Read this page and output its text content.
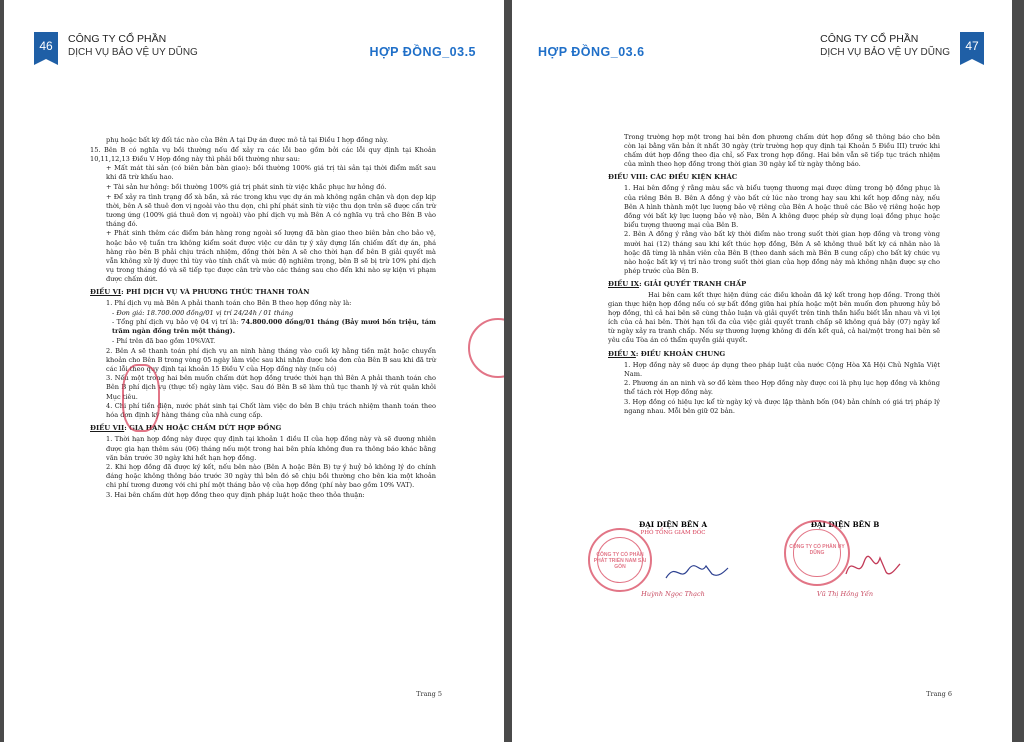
46	CÔNG TY CỔ PHẦN
DỊCH VỤ BẢO VỆ UY DŨNG	HỢP ĐỒNG_03.5

phụ hoặc bất kỳ đối tác nào của Bên A tại Dự án được mô tả tại Điều I hợp đồng này.

15. Bên B có nghĩa vụ bồi thường nếu để xảy ra các lỗi bao gồm bởi các lỗi quy định tại Khoản 10,11,12,13 Điều V Hợp đồng này thì phải bồi thường như sau:

+ Mất mát tài sản (có biên bản bàn giao): bồi thường 100% giá trị tài sản tại thời điểm mất sau khi đã trừ khấu hao.

+ Tài sản hư hỏng: bồi thường 100% giá trị phát sinh từ việc khắc phục hư hỏng đó.

+ Để xảy ra tình trạng đổ xà bần, xả rác trong khu vực dự án mà không ngăn chặn và dọn dẹp kịp thời, bên A sẽ thuê đơn vị ngoài vào thu dọn, chi phí phát sinh từ việc thu dọn trên sẽ được cấn trừ tương ứng (100% giá thuê đơn vị ngoài) vào phí dịch vụ mà Bên A có nghĩa vụ trả cho Bên B vào tháng đó.

+ Phát sinh thêm các điểm bán hàng rong ngoài số lượng đã bàn giao theo biên bản cho bảo vệ, hoặc bảo vệ tuần tra không kiểm soát được việc cư dân tự ý xây dựng lấn chiếm đất dự án, phá hàng rào bên B phải chịu trách nhiệm, đồng thời bên A sẽ cho thời hạn để bên B giải quyết mà vẫn không xử lý được thì tùy vào tính chất và mức độ nghiêm trọng, bên B sẽ bị trừ 10% phí dịch vụ trong tháng đó và sẽ tiếp tục được cân trừ vào các tháng sau cho đến khi nào sự kiện vi phạm được chấm dứt.

ĐIỀU VI: PHÍ DỊCH VỤ VÀ PHƯƠNG THỨC THANH TOÁN

1. Phí dịch vụ mà Bên A phải thanh toán cho Bên B theo hợp đồng này là:

- Đơn giá: 18.700.000 đồng/01 vị trí 24/24h / 01 tháng

- Tổng phí dịch vụ bảo vệ 04 vị trí là: 74.800.000 đồng/01 tháng (Bảy mươi bốn triệu, tám trăm ngàn đồng trên một tháng).

- Phí trên đã bao gồm 10%VAT.

2. Bên A sẽ thanh toán phí dịch vụ an ninh hàng tháng vào cuối kỳ hằng tiền mặt hoặc chuyển khoản cho Bên B trong vòng 05 ngày làm việc sau khi nhận được hóa đơn của Bên B sau khi đã trừ các lỗi theo quy định tại khoản 15 Điều V của Hợp đồng này (nếu có)

3. Nếu một trong hai bên muốn chấm dứt hợp đồng trước thời hạn thì Bên A phải thanh toán cho Bên B phí dịch vụ (thực tế) ngày làm việc. Sau đó Bên B sẽ làm thủ tục thanh lý và rút quân khỏi Mục tiêu.

4. Chi phí tiền điện, nước phát sinh tại Chốt làm việc do bên B chịu trách nhiệm thanh toán theo hóa đơn định kỳ hàng tháng của nhà cung cấp.

ĐIỀU VII: GIA HẠN HOẶC CHẤM DỨT HỢP ĐỒNG

1. Thời hạn hợp đồng này được quy định tại khoản 1 điều II của hợp đồng này và sẽ đương nhiên được gia hạn thêm sáu (06) tháng nếu một trong hai bên phía không đưa ra thông báo khác bằng văn bản trước 30 ngày khi hết hạn hợp đồng.

2. Khi hợp đồng đã được ký kết, nếu bên nào (Bên A hoặc Bên B) tự ý huỷ bỏ không lý do chính đáng hoặc không thông báo trước 30 ngày thì bên đó sẽ chịu bồi thường cho bên kia một khoản chi phí tương đương với chi phí một tháng bảo vệ của hợp đồng (phí này bao gồm 10% VAT).

3. Hai bên chấm dứt hợp đồng theo quy định pháp luật hoặc theo thỏa thuận:

Trang 5
HỢP ĐỒNG_03.6
CÔNG TY CỔ PHẦN
DỊCH VỤ BẢO VỆ UY DŨNG	47

Trong trường hợp một trong hai bên đơn phương chấm dứt hợp đồng sẽ thông báo cho bên còn lại bằng văn bản ít nhất 30 ngày (trừ trường hợp quy định tại Khoản 5 Điều III) trước khi chấm dứt hợp đồng theo địa chỉ, số Fax trong hợp đồng. Hai bên vẫn sẽ tiếp tục trách nhiệm của mình theo hợp đồng trong thời gian 30 ngày kể từ ngày thông báo.

ĐIỀU VIII: CÁC ĐIỀU KIỆN KHÁC

1. Hai bên đồng ý rằng màu sắc và biểu tượng thương mại được dùng trong bộ đồng phục là của riêng Bên B. Bên A đồng ý vào bất cứ lúc nào trong hay sau khi kết hợp đồng này, nếu Bên A hình thành một lực lượng bảo vệ riêng của Bên A hoặc thuê các Bảo vệ riêng hoặc hợp đồng với bất kỳ lực lượng bảo vệ nào, Bên A không được phép sử dụng loại đồng phục hoặc biểu tượng thương mại của Bên B.

2. Bên A đồng ý rằng vào bất kỳ thời điểm nào trong suốt thời gian hợp đồng và trong vòng mười hai (12) tháng sau khi kết thúc hợp đồng, Bên A sẽ không thuê bất kỳ cá nhân nào là hoặc đã từng là nhân viên của Bên B (theo danh sách mà Bên B cung cấp) cho bất kỳ chức vụ nào hoặc bất kỳ vị trí nào trong suốt thời gian của hợp đồng này mà không nhận được sự cho phép trước của Bên B.

ĐIỀU IX: GIẢI QUYẾT TRANH CHẤP

Hai bên cam kết thực hiện đúng các điều khoản đã ký kết trong hợp đồng. Trong thời gian thực hiện hợp đồng nếu có sự bất đồng giữa hai phía hoặc một bên muốn đơn phương hủy bỏ hợp đồng, thì cả hai bên sẽ cùng thảo luận và giải quyết trên tinh thần hiểu biết lẫn nhau và vì lợi ích của cả hai bên. Thời hạn tối đa của việc giải quyết tranh chấp sẽ không quá bảy (07) ngày kể từ ngày xảy ra tranh chấp. Nếu sự thương lượng không đi đến kết quả, cả hai/một trong hai bên sẽ yêu cầu Tòa án có thẩm quyền giải quyết.

ĐIỀU X: ĐIỀU KHOẢN CHUNG

1. Hợp đồng này sẽ được áp dụng theo pháp luật của nước Cộng Hòa Xã Hội Chủ Nghĩa Việt Nam.

2. Phương án an ninh và sơ đồ kèm theo Hợp đồng này được coi là phụ lục hợp đồng và không thể tách rời Hợp đồng này.

3. Hợp đồng có hiệu lực kể từ ngày ký và được lập thành bốn (04) bản chính có giá trị pháp lý ngang nhau. Mỗi bên giữ 02 bản.

ĐẠI DIỆN BÊN A
PHÓ TỔNG GIÁM ĐỐC
Huỳnh Ngọc Thạch
CÔNG TY CỔ PHẦN PHÁT TRIỂN NAM SÀI GÒN
ĐẠI DIỆN BÊN B
Vũ Thị Hồng Yến
CÔNG TY CỔ PHẦN UY DŨNG
Trang 6
